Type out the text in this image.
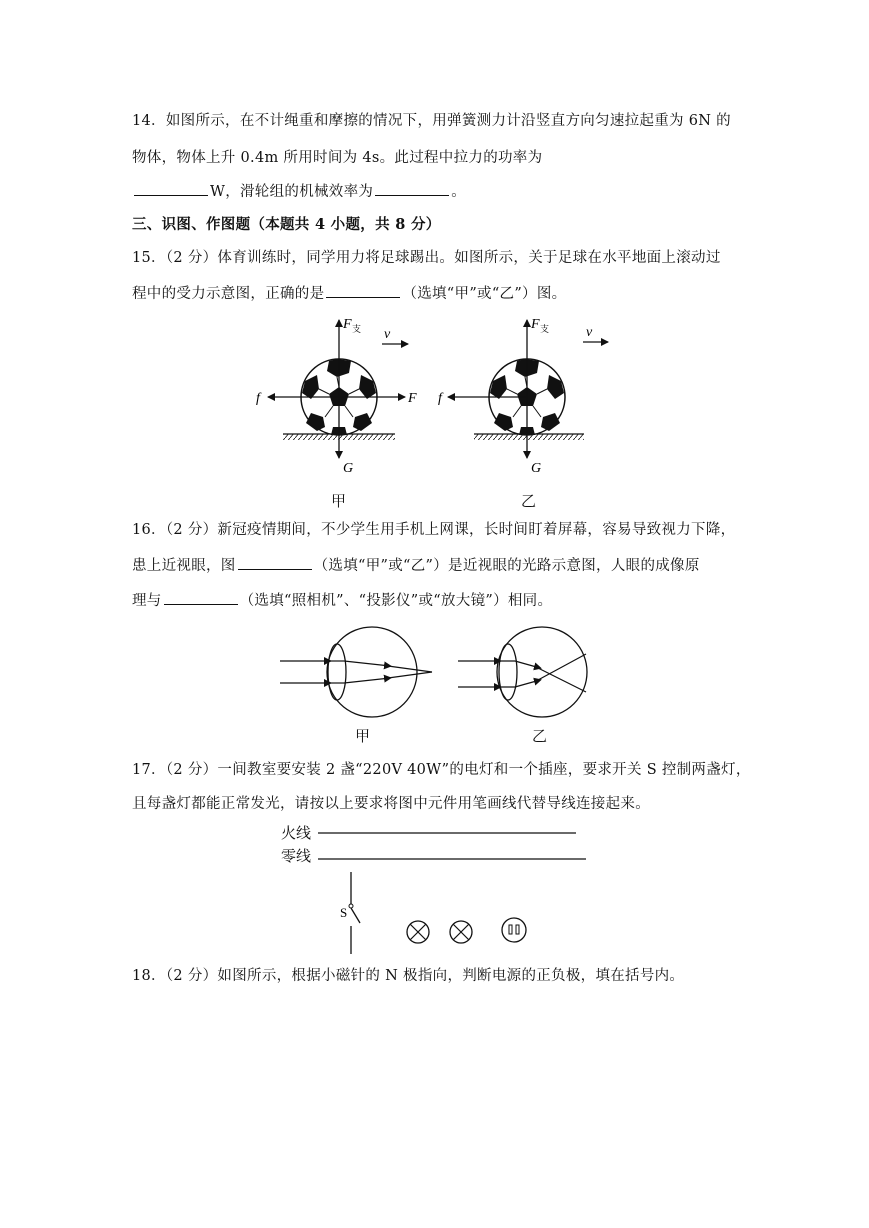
14．如图所示，在不计绳重和摩擦的情况下，用弹簧测力计沿竖直方向匀速拉起重为 6N 的
物体，物体上升 0.4m 所用时间为 4s。此过程中拉力的功率为
W，滑轮组的机械效率为	。
三、识图、作图题（本题共 4 小题，共 8 分）
15．（2 分）体育训练时，同学用力将足球踢出。如图所示，关于足球在水平地面上滚动过
程中的受力示意图，正确的是	（选填“甲”或“乙”）图。
F 支 v
f	F
G
F 支	v
f
G
甲	乙
16．（2 分）新冠疫情期间，不少学生用手机上网课，长时间盯着屏幕，容易导致视力下降，
患上近视眼，图	（选填“甲”或“乙”）是近视眼的光路示意图，人眼的成像原
理与	（选填“照相机”、“投影仪”或“放大镜”）相同。
甲	乙
17．（2 分）一间教室要安装 2 盏“220V 40W”的电灯和一个插座，要求开关 S 控制两盏灯，
且每盏灯都能正常发光，请按以上要求将图中元件用笔画线代替导线连接起来。
火线
零线
S
18．（2 分）如图所示，根据小磁针的 N 极指向，判断电源的正负极，填在括号内。
